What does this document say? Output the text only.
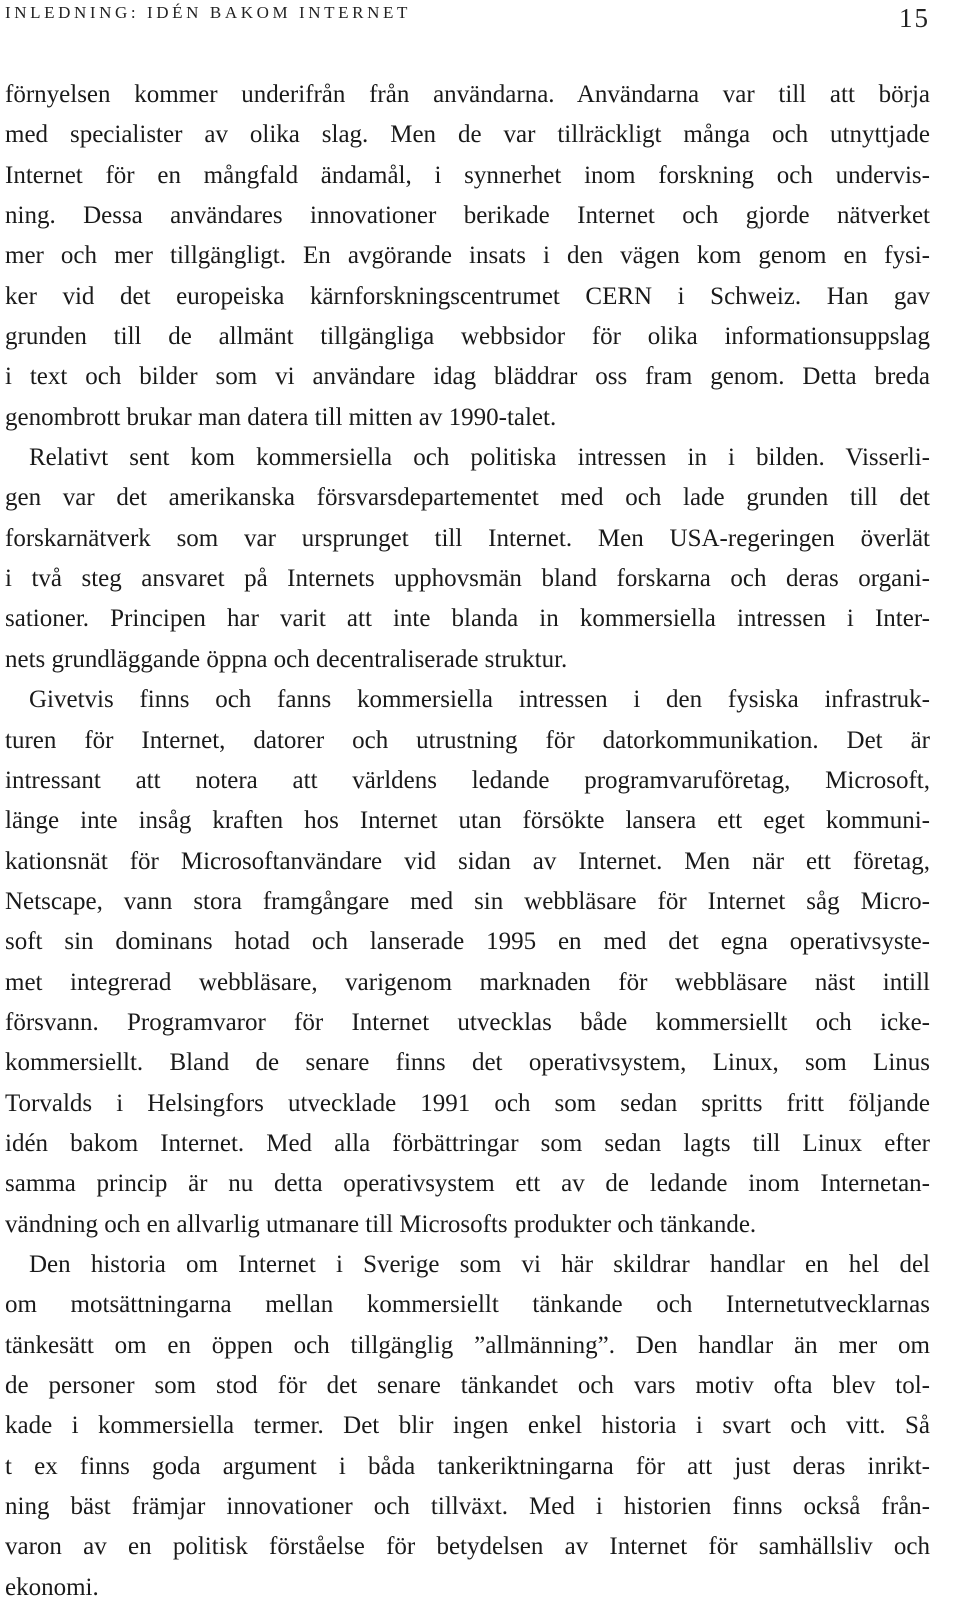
INLEDNING: IDÉN BAKOM INTERNET	15

förnyelsen kommer underifrån från användarna. Användarna var till att börja
med specialister av olika slag. Men de var tillräckligt många och utnyttjade
Internet för en mångfald ändamål, i synnerhet inom forskning och undervis-
ning. Dessa användares innovationer berikade Internet och gjorde nätverket
mer och mer tillgängligt. En avgörande insats i den vägen kom genom en fysi-
ker vid det europeiska kärnforskningscentrumet CERN i Schweiz. Han gav
grunden till de allmänt tillgängliga webbsidor för olika informationsuppslag
i text och bilder som vi användare idag bläddrar oss fram genom. Detta breda
genombrott brukar man datera till mitten av 1990-talet.

Relativt sent kom kommersiella och politiska intressen in i bilden. Visserli-
gen var det amerikanska försvarsdepartementet med och lade grunden till det
forskarnätverk som var ursprunget till Internet. Men USA-regeringen överlät
i två steg ansvaret på Internets upphovsmän bland forskarna och deras organi-
sationer. Principen har varit att inte blanda in kommersiella intressen i Inter-
nets grundläggande öppna och decentraliserade struktur.

Givetvis finns och fanns kommersiella intressen i den fysiska infrastruk-
turen för Internet, datorer och utrustning för datorkommunikation. Det är
intressant att notera att världens ledande programvaruföretag, Microsoft,
länge inte insåg kraften hos Internet utan försökte lansera ett eget kommuni-
kationsnät för Microsoftanvändare vid sidan av Internet. Men när ett företag,
Netscape, vann stora framgångare med sin webbläsare för Internet såg Micro-
soft sin dominans hotad och lanserade 1995 en med det egna operativsyste-
met integrerad webbläsare, varigenom marknaden för webbläsare näst intill
försvann. Programvaror för Internet utvecklas både kommersiellt och icke-
kommersiellt. Bland de senare finns det operativsystem, Linux, som Linus
Torvalds i Helsingfors utvecklade 1991 och som sedan spritts fritt följande
idén bakom Internet. Med alla förbättringar som sedan lagts till Linux efter
samma princip är nu detta operativsystem ett av de ledande inom Internetan-
vändning och en allvarlig utmanare till Microsofts produkter och tänkande.

Den historia om Internet i Sverige som vi här skildrar handlar en hel del
om motsättningarna mellan kommersiellt tänkande och Internetutvecklarnas
tänkesätt om en öppen och tillgänglig ”allmänning”. Den handlar än mer om
de personer som stod för det senare tänkandet och vars motiv ofta blev tol-
kade i kommersiella termer. Det blir ingen enkel historia i svart och vitt. Så
t ex finns goda argument i båda tankeriktningarna för att just deras inrikt-
ning bäst främjar innovationer och tillväxt. Med i historien finns också från-
varon av en politisk förståelse för betydelsen av Internet för samhällsliv och
ekonomi.
